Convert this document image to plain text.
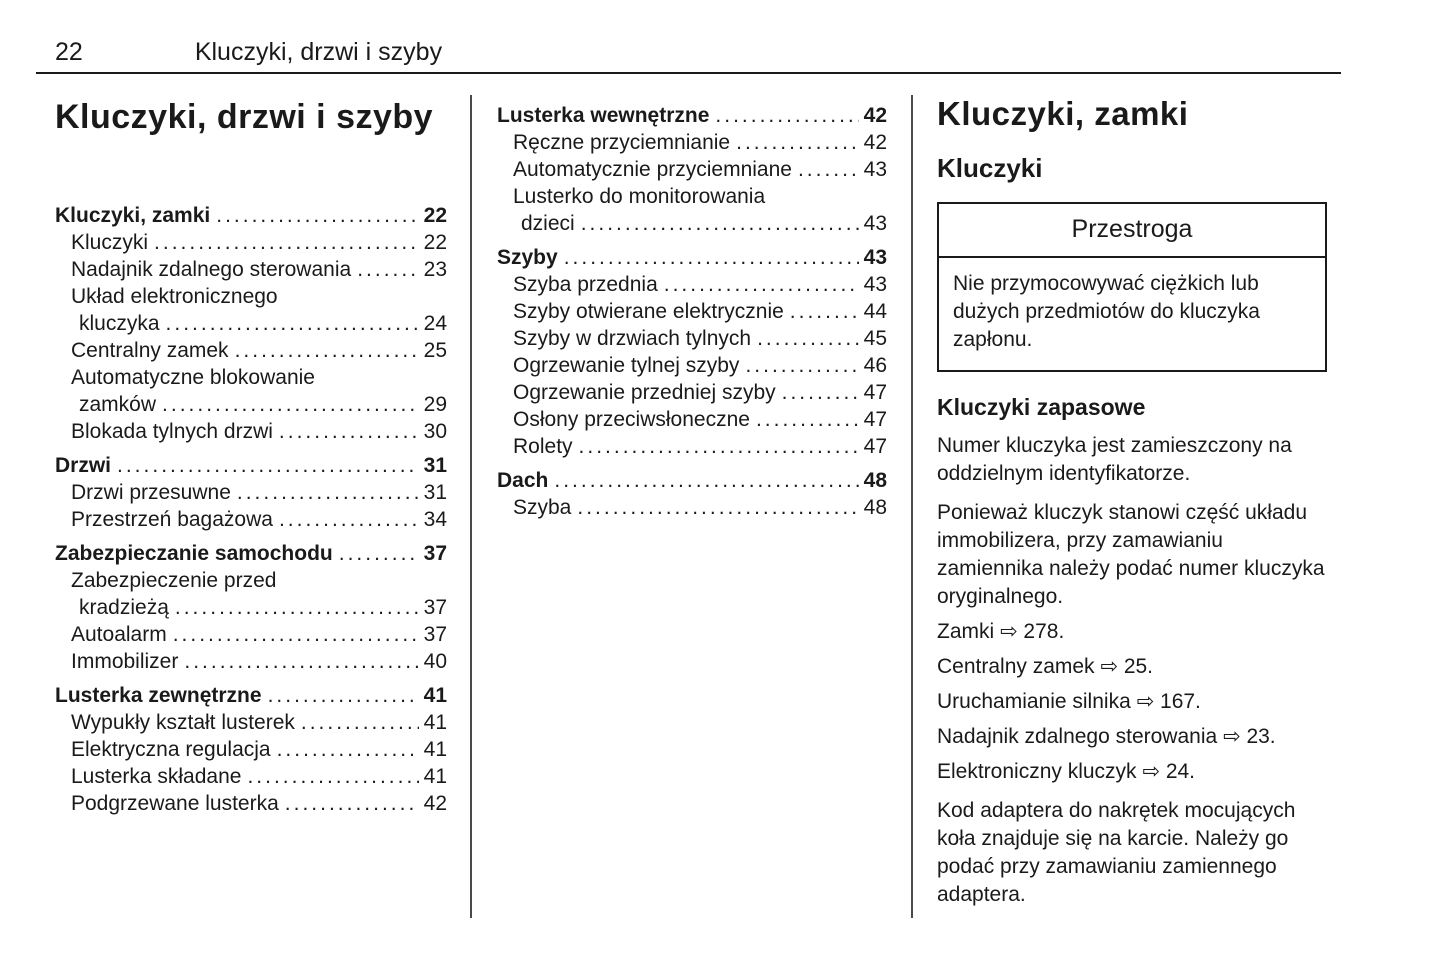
22	Kluczyki, drzwi i szyby
Kluczyki, drzwi i szyby
Kluczyki, zamki .....	22
Kluczyki .....	22
Nadajnik zdalnego sterowania .....	23
Układ elektronicznego
kluczyka .....	24
Centralny zamek .....	25
Automatyczne blokowanie
zamków .....	29
Blokada tylnych drzwi .....	30
Drzwi .....	31
Drzwi przesuwne .....	31
Przestrzeń bagażowa .....	34
Zabezpieczanie samochodu .....	37
Zabezpieczenie przed
kradzieżą .....	37
Autoalarm .....	37
Immobilizer .....	40
Lusterka zewnętrzne .....	41
Wypukły kształt lusterek .....	41
Elektryczna regulacja .....	41
Lusterka składane .....	41
Podgrzewane lusterka .....	42
Lusterka wewnętrzne .....	42
Ręczne przyciemnianie .....	42
Automatycznie przyciemniane .....	43
Lusterko do monitorowania
dzieci .....	43
Szyby .....	43
Szyba przednia .....	43
Szyby otwierane elektrycznie .....	44
Szyby w drzwiach tylnych .....	45
Ogrzewanie tylnej szyby .....	46
Ogrzewanie przedniej szyby .....	47
Osłony przeciwsłoneczne .....	47
Rolety .....	47
Dach .....	48
Szyba .....	48
Kluczyki, zamki
Kluczyki
Przestroga
Nie przymocowywać ciężkich lub dużych przedmiotów do kluczyka zapłonu.
Kluczyki zapasowe

Numer kluczyka jest zamieszczony na oddzielnym identyfikatorze.

Ponieważ kluczyk stanowi część układu immobilizera, przy zamawianiu zamiennika należy podać numer kluczyka oryginalnego.

Zamki ⇨ 278.

Centralny zamek ⇨ 25.

Uruchamianie silnika ⇨ 167.

Nadajnik zdalnego sterowania ⇨ 23.

Elektroniczny kluczyk ⇨ 24.

Kod adaptera do nakrętek mocujących koła znajduje się na karcie. Należy go podać przy zamawianiu zamiennego adaptera.
